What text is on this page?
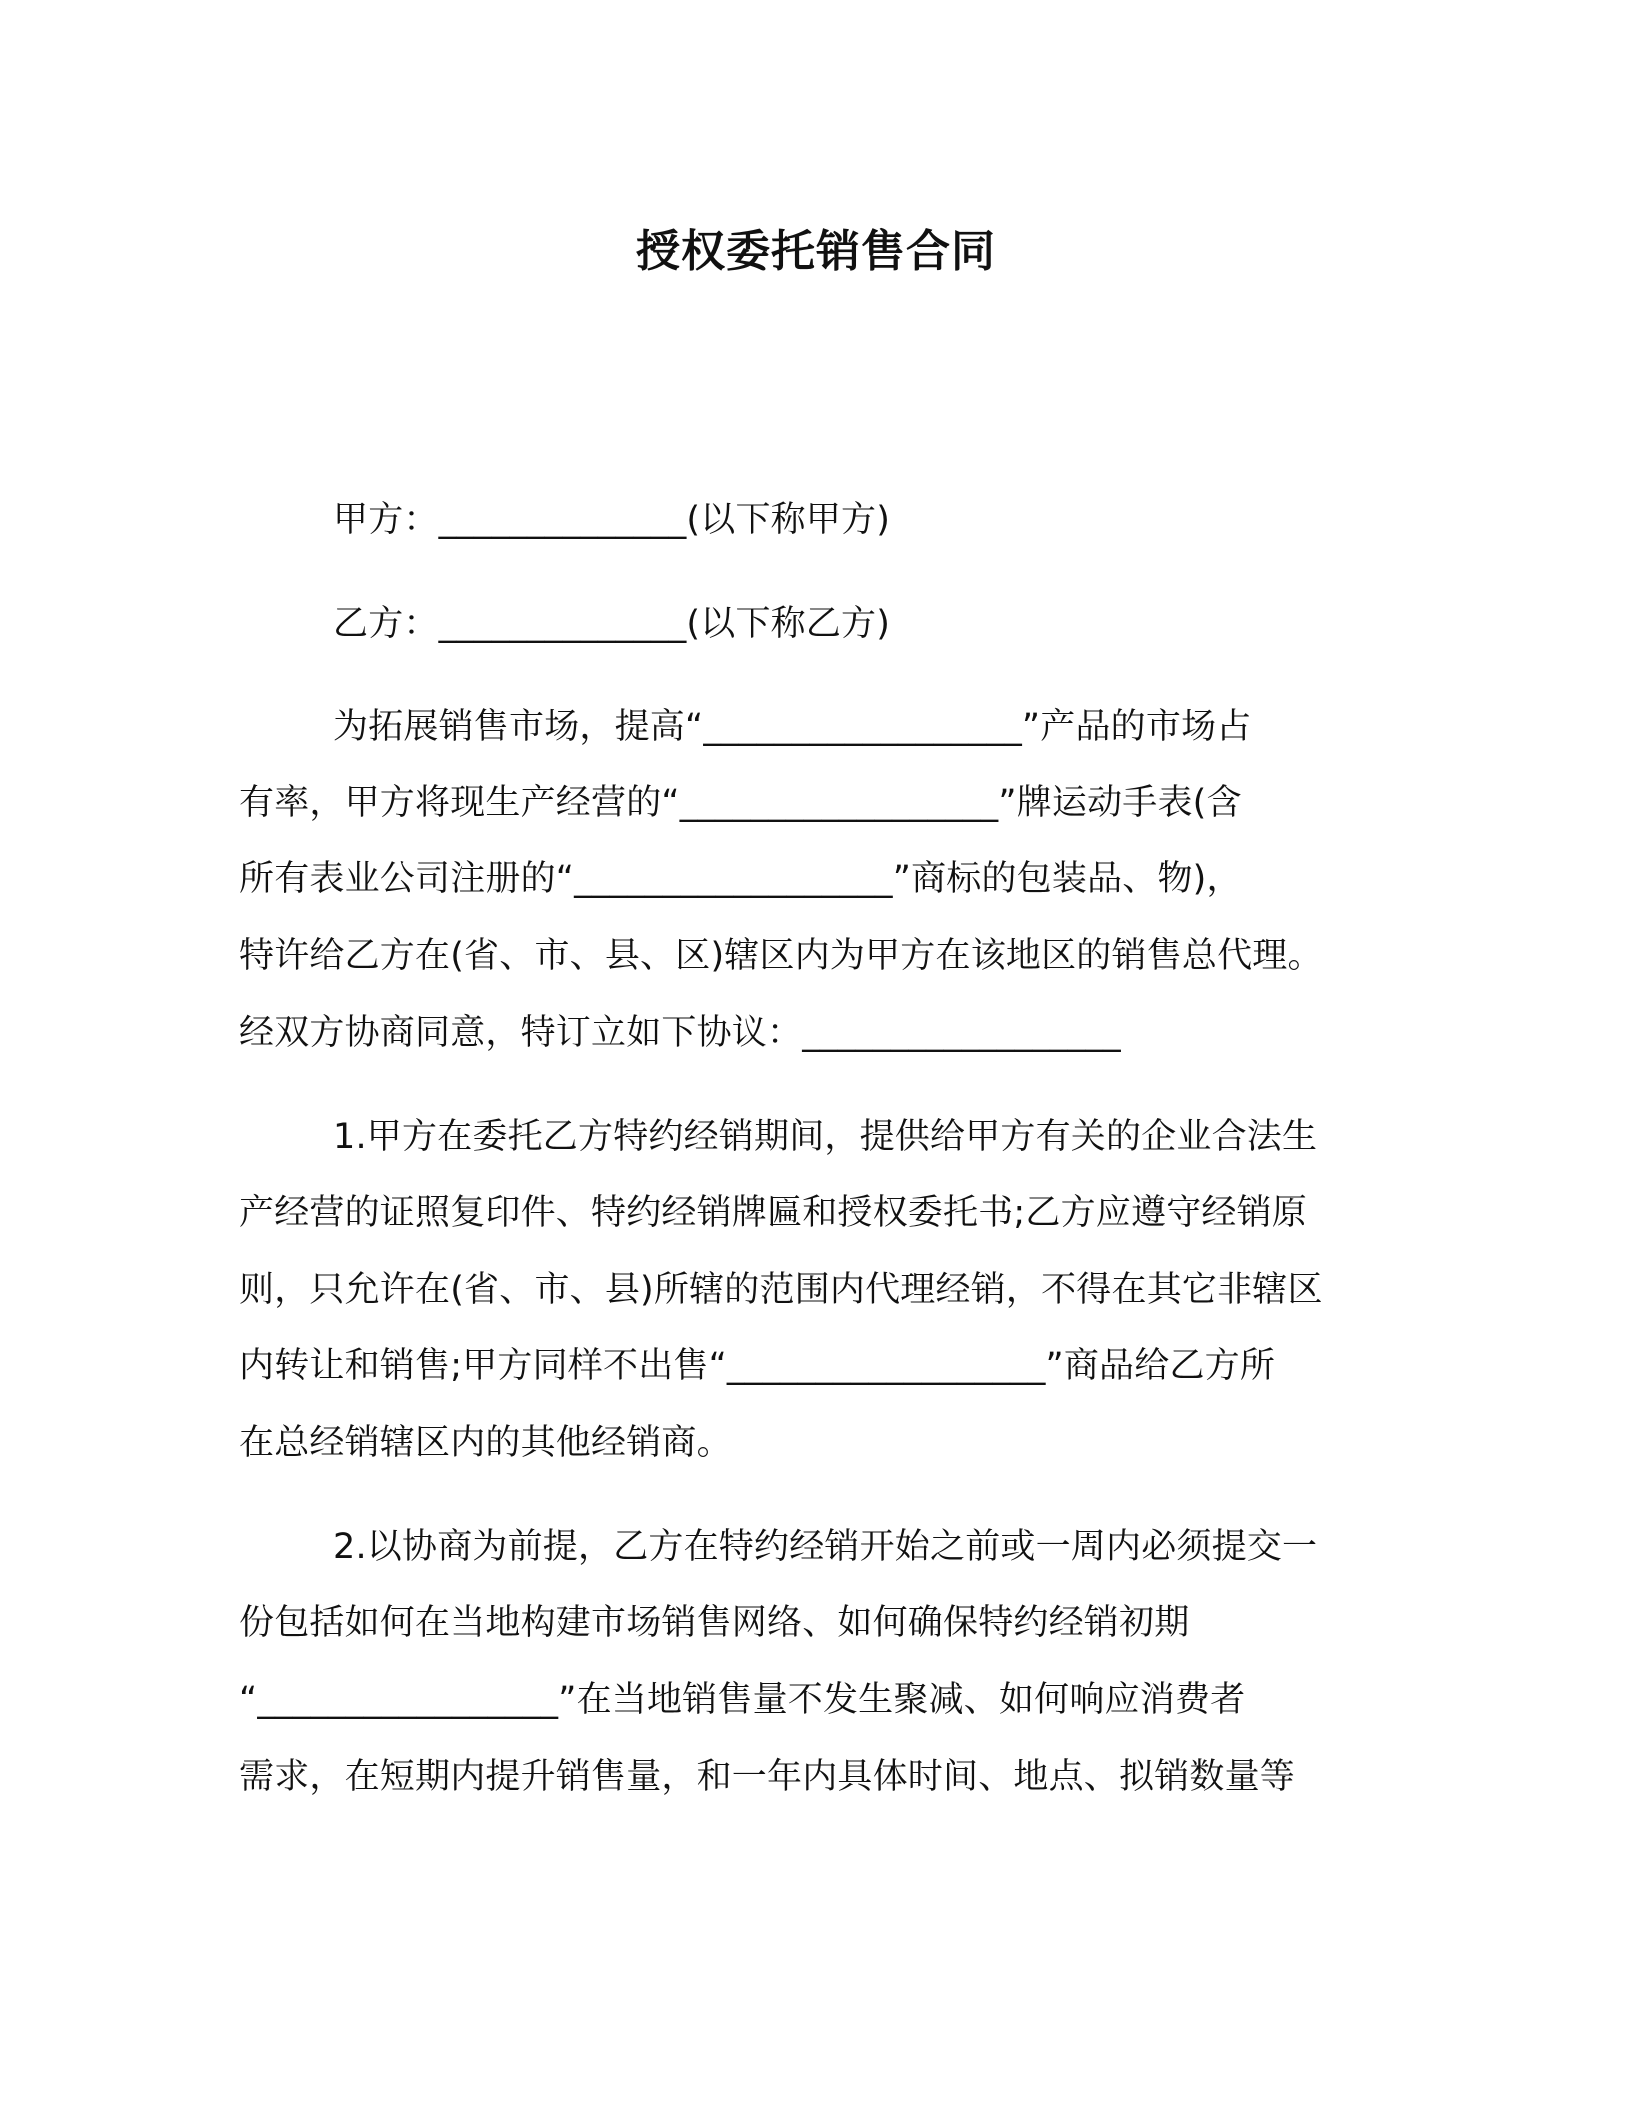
授权委托销售合同
甲方：______________(以下称甲方)
乙方：______________(以下称乙方)
为拓展销售市场，提高“__________________”产品的市场占
有率，甲方将现生产经营的“__________________”牌运动手表(含
所有表业公司注册的“__________________”商标的包装品、物)，
特许给乙方在(省、市、县、区)辖区内为甲方在该地区的销售总代理。
经双方协商同意，特订立如下协议：__________________
1.甲方在委托乙方特约经销期间，提供给甲方有关的企业合法生
产经营的证照复印件、特约经销牌匾和授权委托书;乙方应遵守经销原
则，只允许在(省、市、县)所辖的范围内代理经销，不得在其它非辖区
内转让和销售;甲方同样不出售“__________________”商品给乙方所
在总经销辖区内的其他经销商。
2.以协商为前提，乙方在特约经销开始之前或一周内必须提交一
份包括如何在当地构建市场销售网络、如何确保特约经销初期
“_________________”在当地销售量不发生聚减、如何响应消费者
需求，在短期内提升销售量，和一年内具体时间、地点、拟销数量等
